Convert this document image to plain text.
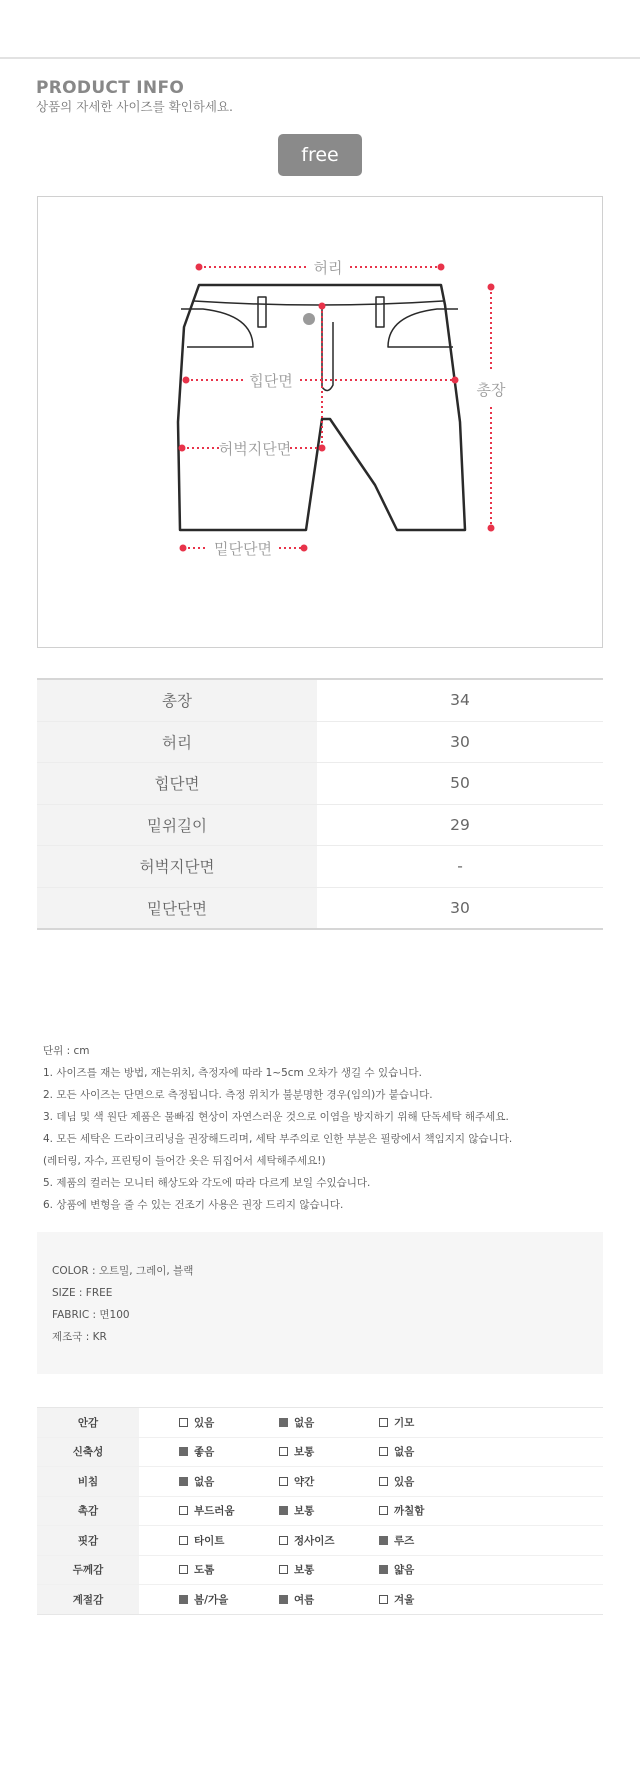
PRODUCT INFO
상품의 자세한 사이즈를 확인하세요.
free
허리
힙단면
허벅지단면
밑단단면
총장
총장	34
허리	30
힙단면	50
밑위길이	29
허벅지단면	-
밑단단면	30
단위 : cm
1. 사이즈를 재는 방법, 재는위치, 측정자에 따라 1~5cm 오차가 생길 수 있습니다.
2. 모든 사이즈는 단면으로 측정됩니다. 측정 위치가 불분명한 경우(임의)가 붙습니다.
3. 데님 및 색 원단 제품은 물빠짐 현상이 자연스러운 것으로 이염을 방지하기 위해 단독세탁 해주세요.
4. 모든 세탁은 드라이크리닝을 권장해드리며, 세탁 부주의로 인한 부분은 필랑에서 책임지지 않습니다.
(레터링, 자수, 프린팅이 들어간 옷은 뒤집어서 세탁해주세요!)
5. 제품의 컬러는 모니터 해상도와 각도에 따라 다르게 보일 수있습니다.
6. 상품에 변형을 줄 수 있는 건조기 사용은 권장 드리지 않습니다.
COLOR : 오트밀, 그레이, 블랙
SIZE : FREE
FABRIC : 면100
제조국 : KR
안감		있음	없음	기모	
신축성		좋음	보통	없음	
비침		없음	약간	있음	
촉감		부드러움	보통	까칠함	
핏감		타이트	정사이즈	루즈	
두께감		도톰	보통	얇음	
계절감		봄/가을	여름	겨울	
